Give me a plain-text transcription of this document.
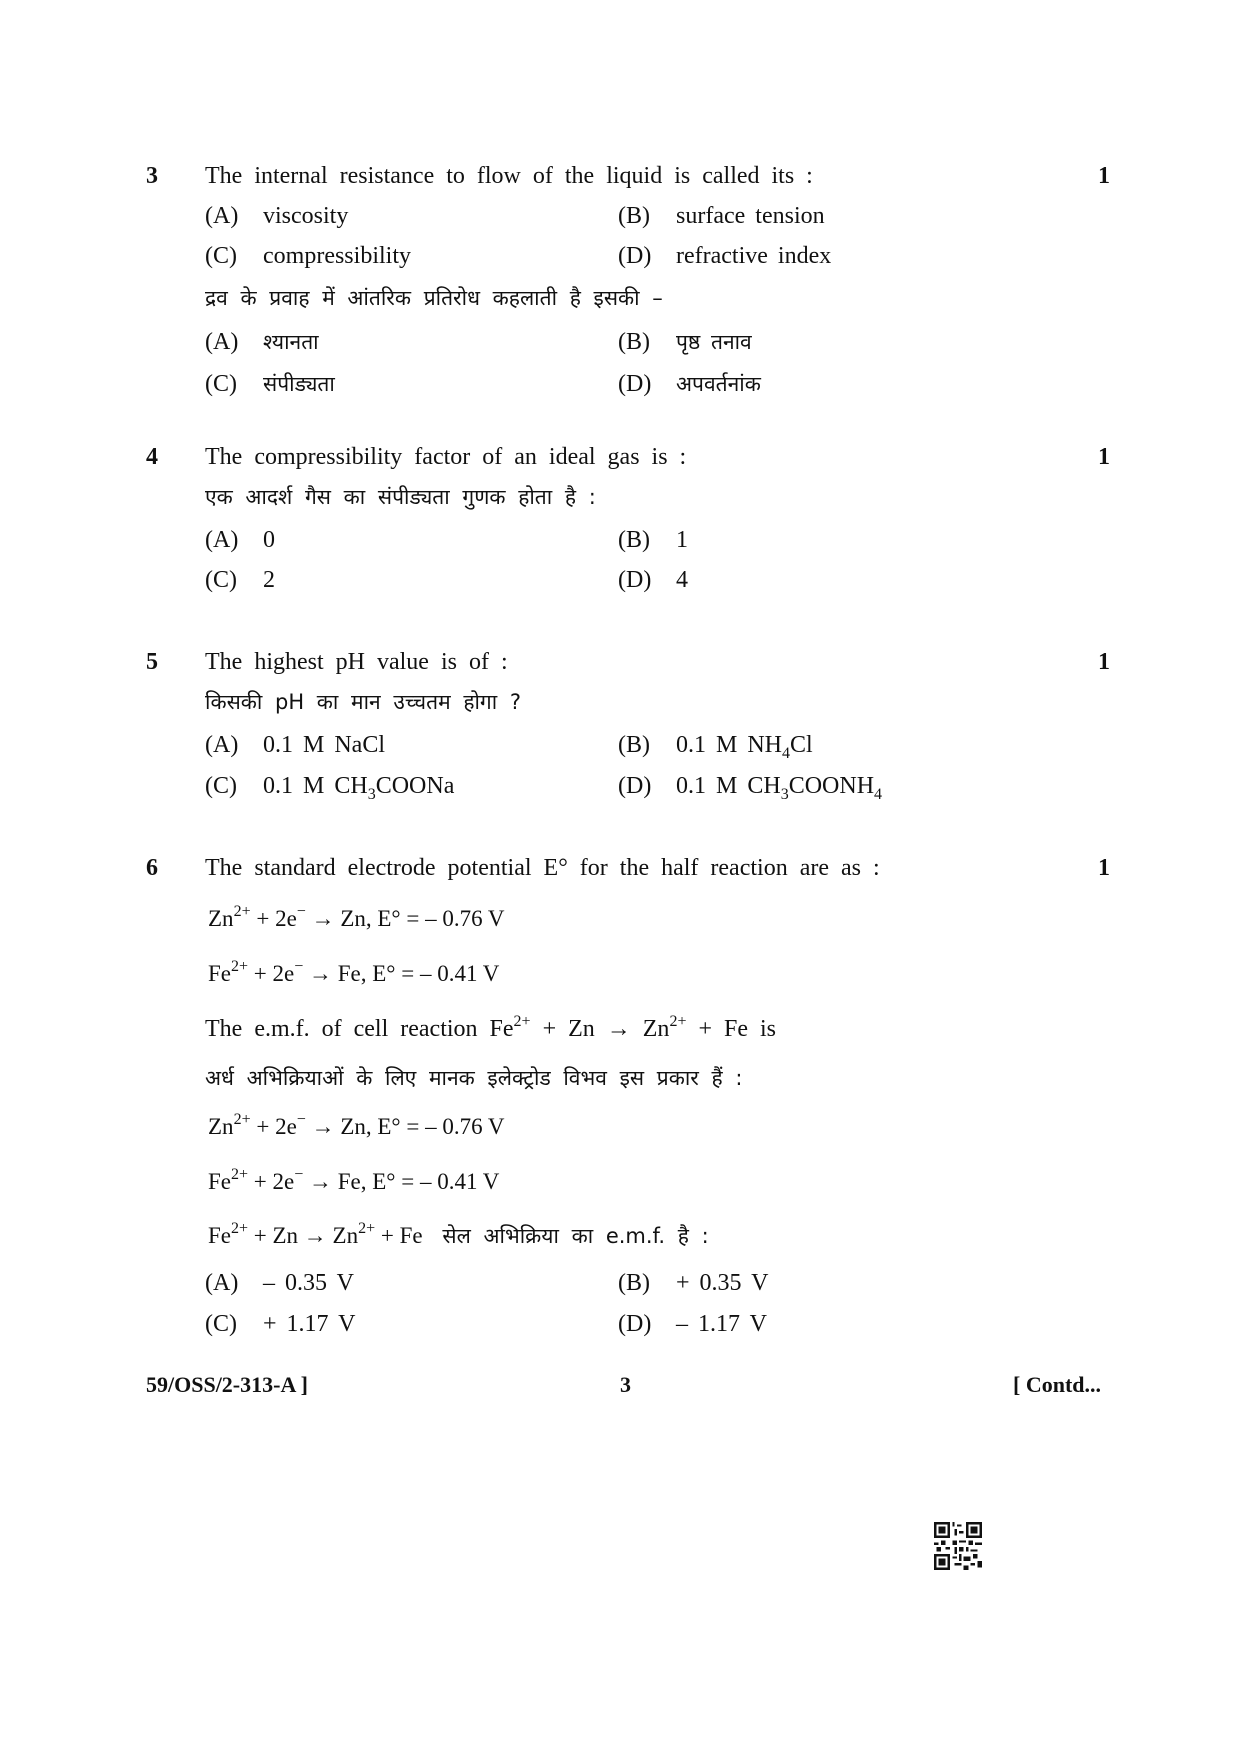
3 The internal resistance to flow of the liquid is called its :	1
(A) viscosity	(B) surface tension
(C) compressibility	(D) refractive index
द्रव के प्रवाह में आंतरिक प्रतिरोध कहलाती है इसकी –
(A) श्यानता	(B) पृष्ठ तनाव
(C) संपीड्यता	(D) अपवर्तनांक
4 The compressibility factor of an ideal gas is :	1
एक आदर्श गैस का संपीड्यता गुणक होता है :
(A) 0	(B) 1
(C) 2	(D) 4
5 The highest pH value is of :	1
किसकी pH का मान उच्चतम होगा ?
(A) 0.1 M NaCl	(B) 0.1 M $NH_4Cl$
(C) 0.1 M $CH_3COONa$	(D) 0.1 M $CH_3COONH_4$
6 The standard electrode potential E° for the half reaction are as :	1
$Zn^{2+} + 2e^- \to Zn$, E° = – 0.76 V
$Fe^{2+} + 2e^- \to Fe$, E° = – 0.41 V
The e.m.f. of cell reaction $Fe^{2+} + Zn \to Zn^{2+} + Fe$ is
अर्ध अभिक्रियाओं के लिए मानक इलेक्ट्रोड विभव इस प्रकार हैं :
$Zn^{2+} + 2e^- \to Zn$, E° = – 0.76 V
$Fe^{2+} + 2e^- \to Fe$, E° = – 0.41 V
$Fe^{2+} + Zn \to Zn^{2+} + Fe$ सेल अभिक्रिया का e.m.f. है :
(A) – 0.35 V	(B) + 0.35 V
(C) + 1.17 V	(D) – 1.17 V
59/OSS/2-313-A ]	3	[ Contd...
